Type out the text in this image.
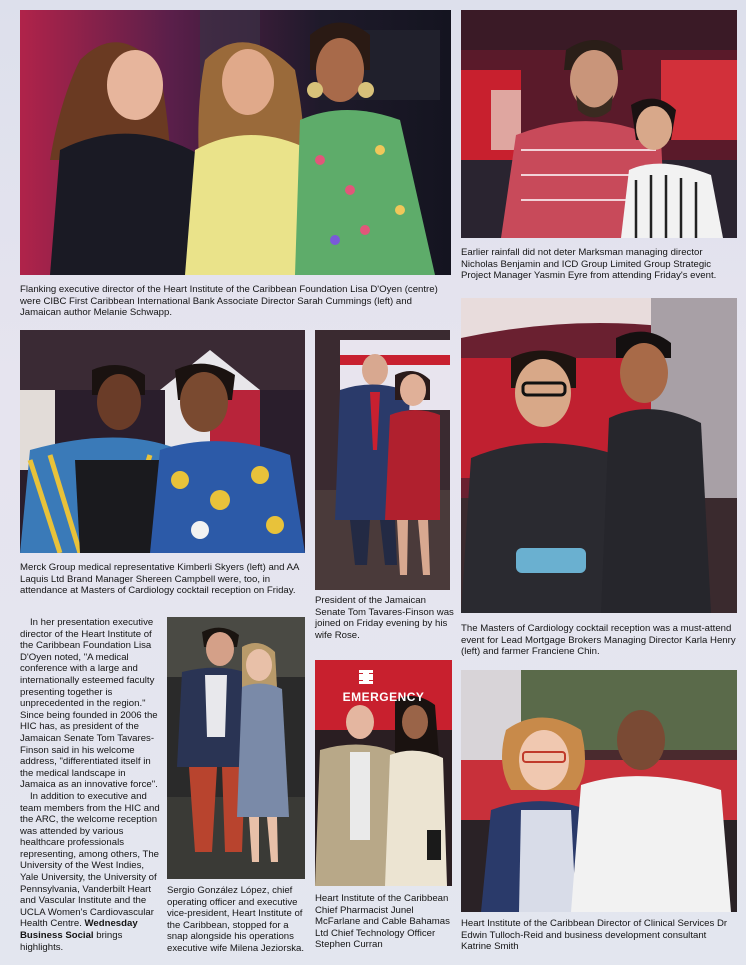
Flanking executive director of the Heart Institute of the Caribbean Foundation Lisa D'Oyen (centre) were CIBC First Caribbean International Bank Associate Director Sarah Cummings (left) and Jamaican author Melanie Schwapp.
Earlier rainfall did not deter Marksman managing director Nicholas Benjamin and ICD Group Limited Group Strategic Project Manager Yasmin Eyre from attending Friday's event.
Merck Group medical representative Kimberli Skyers (left) and AA Laquis Ltd Brand Manager Shereen Campbell were, too, in attendance at Masters of Cardiology cocktail reception on Friday.
President of the Jamaican Senate Tom Tavares-Finson was joined on Friday evening by his wife Rose.
The Masters of Cardiology cocktail reception was a must-attend event for Lead Mortgage Brokers Managing Director Karla Henry (left) and farmer Franciene Chin.

In her presentation executive director of the Heart Institute of the Caribbean Foundation Lisa D'Oyen noted, "A medical conference with a large and internationally esteemed faculty presenting together is unprecedented in the region." Since being founded in 2006 the HIC has, as president of the Jamaican Senate Tom Tavares-Finson said in his welcome address, "differentiated itself in the medical landscape in Jamaica as an innovative force".

In addition to executive and team members from the HIC and the ARC, the welcome reception was attended by various healthcare professionals representing, among others, The University of the West Indies, Yale University, the University of Pennsylvania, Vanderbilt Heart and Vascular Institute and the UCLA Women's Cardiovascular Health Centre. Wednesday Business Social brings highlights.

Sergio González López, chief operating officer and executive vice-president, Heart Institute of the Caribbean, stopped for a snap alongside his operations executive wife Milena Jeziorska.
EMERGENCY
Heart Institute of the Caribbean Chief Pharmacist Junel McFarlane and Cable Bahamas Ltd Chief Technology Officer Stephen Curran
Heart Institute of the Caribbean Director of Clinical Services Dr Edwin Tulloch-Reid and business development consultant Katrine Smith
